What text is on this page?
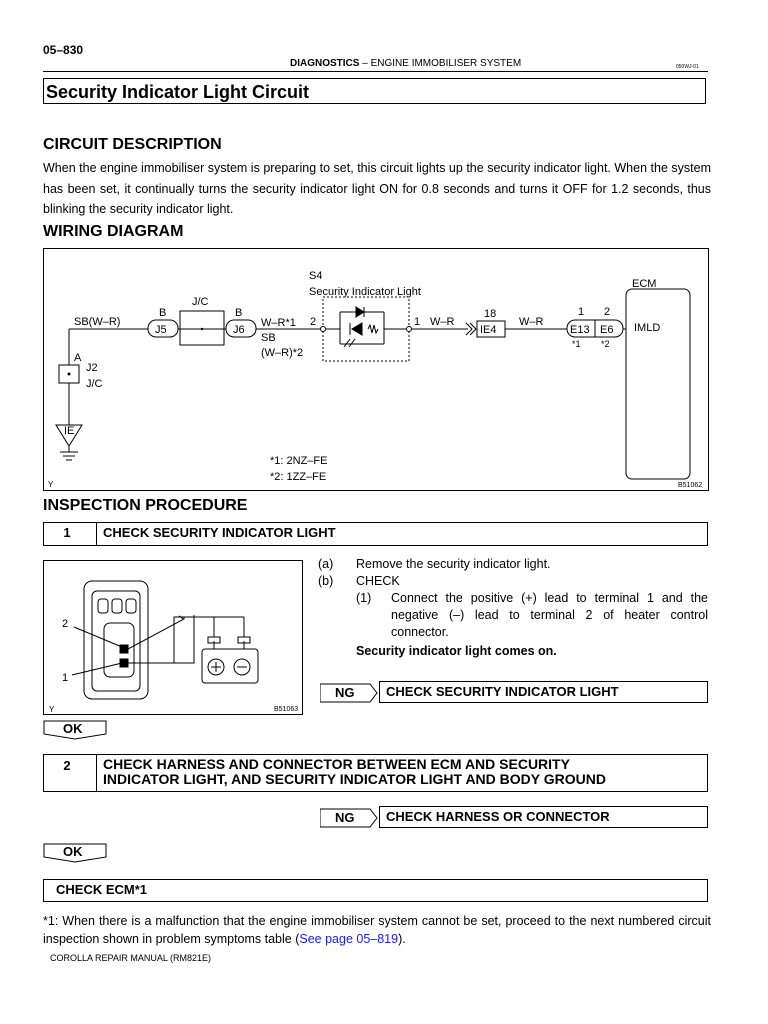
05–830
DIAGNOSTICS – ENGINE IMMOBILISER SYSTEM	050WJ-01
Security Indicator Light Circuit
CIRCUIT DESCRIPTION
When the engine immobiliser system is preparing to set, this circuit lights up the security indicator light. When the system has been set, it continually turns the security indicator light ON for 0.8 seconds and turns it OFF for 1.2 seconds, thus blinking the security indicator light.
WIRING DIAGRAM
SB(W–R)
B
J/C
B
J5	J6
A
J2
J/C
IE
W–R*1
SB
(W–R)*2
2
S4
Security Indicator Light
1 W–R
18
IE4
W–R
1 2
E13 E6
*1 *2
ECM
IMLD
*1: 2NZ–FE
*2: 1ZZ–FE
Y	B51062
INSPECTION PROCEDURE
1	CHECK SECURITY INDICATOR LIGHT
2
1
Y	B51063
(a) Remove the security indicator light.
(b) CHECK
(1) Connect the positive (+) lead to terminal 1 and the negative (–) lead to terminal 2 of heater control connector.
Security indicator light comes on.
NG	CHECK SECURITY INDICATOR LIGHT
OK
2	CHECK HARNESS AND CONNECTOR BETWEEN ECM AND SECURITY
INDICATOR LIGHT, AND SECURITY INDICATOR LIGHT AND BODY GROUND
NG	CHECK HARNESS OR CONNECTOR
OK
CHECK ECM*1
*1: When there is a malfunction that the engine immobiliser system cannot be set, proceed to the next numbered circuit inspection shown in problem symptoms table (See page 05–819).
COROLLA REPAIR MANUAL (RM821E)
